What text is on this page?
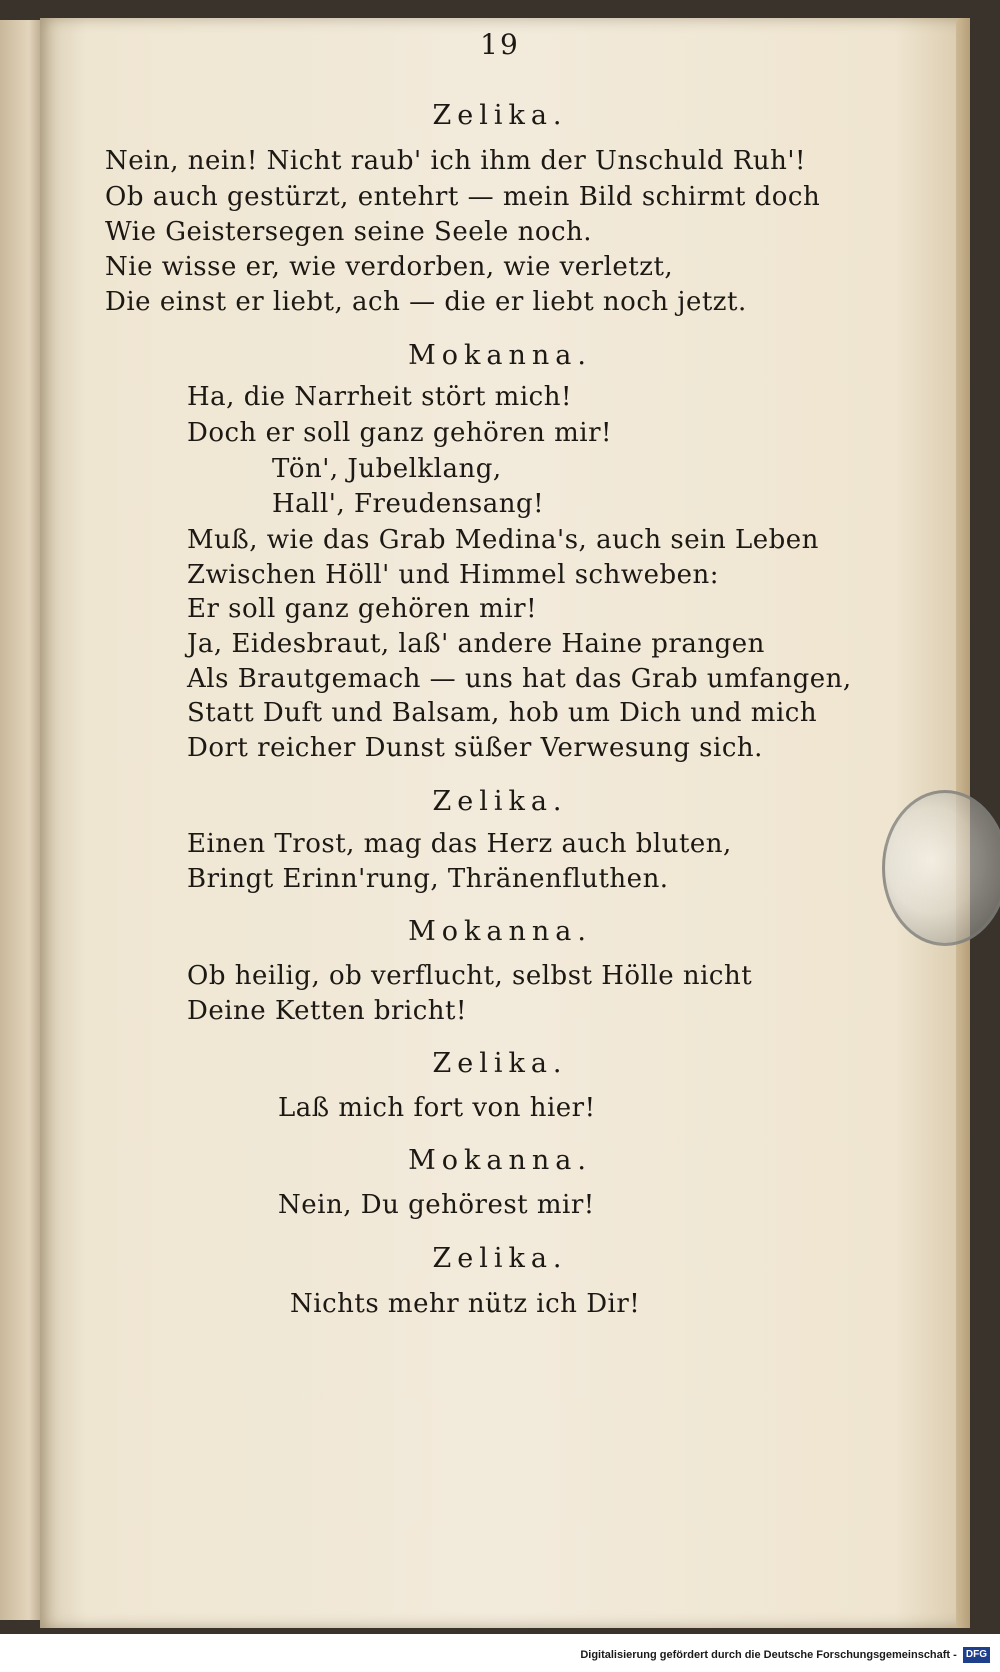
19
Zelika.
Nein, nein! Nicht raub' ich ihm der Unschuld Ruh'!
Ob auch gestürzt, entehrt — mein Bild schirmt doch
Wie Geistersegen seine Seele noch.
Nie wisse er, wie verdorben, wie verletzt,
Die einst er liebt, ach — die er liebt noch jetzt.
Mokanna.
Ha, die Narrheit stört mich!
Doch er soll ganz gehören mir!
Tön', Jubelklang,
Hall', Freudensang!
Muß, wie das Grab Medina's, auch sein Leben
Zwischen Höll' und Himmel schweben:
Er soll ganz gehören mir!
Ja, Eidesbraut, laß' andere Haine prangen
Als Brautgemach — uns hat das Grab umfangen,
Statt Duft und Balsam, hob um Dich und mich
Dort reicher Dunst süßer Verwesung sich.
Zelika.
Einen Trost, mag das Herz auch bluten,
Bringt Erinn'rung, Thränenfluthen.
Mokanna.
Ob heilig, ob verflucht, selbst Hölle nicht
Deine Ketten bricht!
Zelika.
Laß mich fort von hier!
Mokanna.
Nein, Du gehörest mir!
Zelika.
Nichts mehr nütz ich Dir!
Digitalisierung gefördert durch die Deutsche Forschungsgemeinschaft - DFG
